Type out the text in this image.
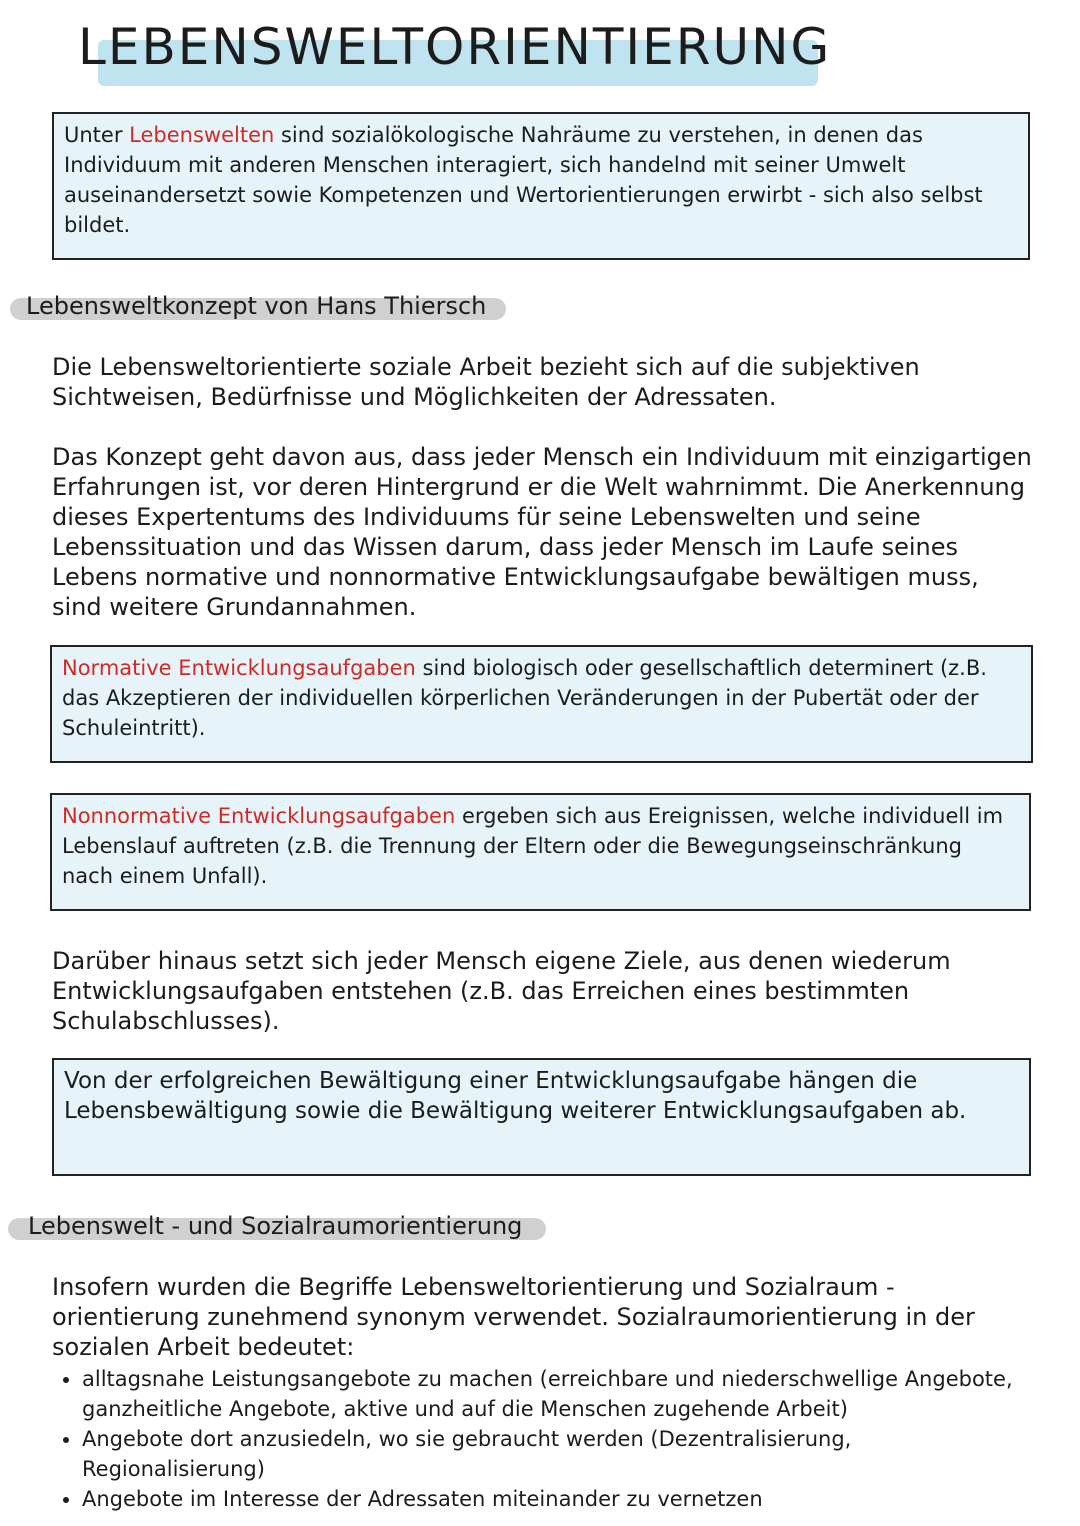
LEBENSWELTORIENTIERUNG

Unter Lebenswelten sind sozialökologische Nahräume zu verstehen, in denen das Individuum mit anderen Menschen interagiert, sich handelnd mit seiner Umwelt auseinandersetzt sowie Kompetenzen und Wertorientierungen erwirbt - sich also selbst bildet.

Lebensweltkonzept von Hans Thiersch

Die Lebensweltorientierte soziale Arbeit bezieht sich auf die subjektiven Sichtweisen, Bedürfnisse und Möglichkeiten der Adressaten.

Das Konzept geht davon aus, dass jeder Mensch ein Individuum mit einzigartigen Erfahrungen ist, vor deren Hintergrund er die Welt wahrnimmt. Die Anerkennung dieses Expertentums des Individuums für seine Lebenswelten und seine Lebenssituation und das Wissen darum, dass jeder Mensch im Laufe seines Lebens normative und nonnormative Entwicklungsaufgabe bewältigen muss, sind weitere Grundannahmen.

Normative Entwicklungsaufgaben sind biologisch oder gesellschaftlich determinert (z.B. das Akzeptieren der individuellen körperlichen Veränderungen in der Pubertät oder der Schuleintritt).

Nonnormative Entwicklungsaufgaben ergeben sich aus Ereignissen, welche individuell im Lebenslauf auftreten (z.B. die Trennung der Eltern oder die Bewegungseinschränkung nach einem Unfall).

Darüber hinaus setzt sich jeder Mensch eigene Ziele, aus denen wiederum Entwicklungsaufgaben entstehen (z.B. das Erreichen eines bestimmten Schulabschlusses).

Von der erfolgreichen Bewältigung einer Entwicklungsaufgabe hängen die Lebensbewältigung sowie die Bewältigung weiterer Entwicklungsaufgaben ab.

Lebenswelt - und Sozialraumorientierung

Insofern wurden die Begriffe Lebensweltorientierung und Sozialraum - orientierung zunehmend synonym verwendet. Sozialraumorientierung in der sozialen Arbeit bedeutet:

• alltagsnahe Leistungsangebote zu machen (erreichbare und niederschwellige Angebote, ganzheitliche Angebote, aktive und auf die Menschen zugehende Arbeit)
• Angebote dort anzusiedeln, wo sie gebraucht werden (Dezentralisierung, Regionalisierung)
• Angebote im Interesse der Adressaten miteinander zu vernetzen
